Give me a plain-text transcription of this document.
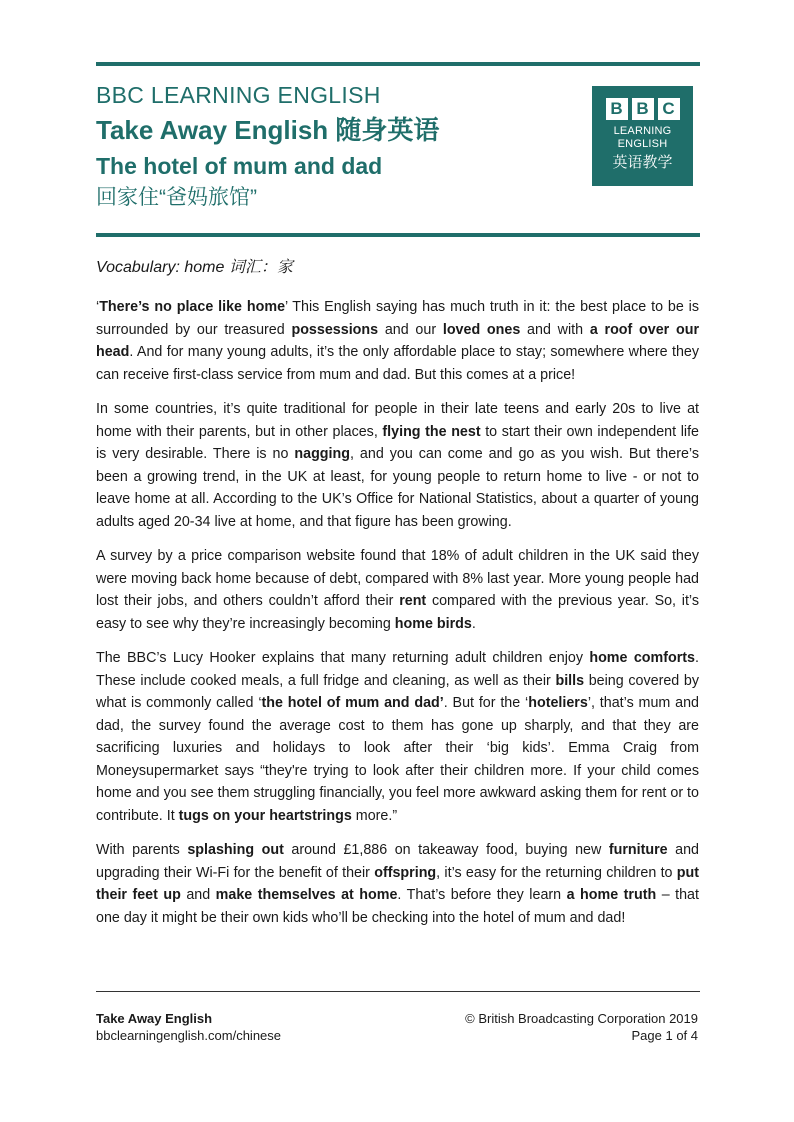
BBC LEARNING ENGLISH
Take Away English 随身英语
The hotel of mum and dad
回家住“爸妈旅馆”
B B C
LEARNING
ENGLISH
英语教学
Vocabulary: home 词汇：家

‘There’s no place like home’ This English saying has much truth in it: the best place to be is surrounded by our treasured possessions and our loved ones and with a roof over our head. And for many young adults, it’s the only affordable place to stay; somewhere where they can receive first-class service from mum and dad. But this comes at a price!

In some countries, it’s quite traditional for people in their late teens and early 20s to live at home with their parents, but in other places, flying the nest to start their own independent life is very desirable. There is no nagging, and you can come and go as you wish. But there’s been a growing trend, in the UK at least, for young people to return home to live - or not to leave home at all. According to the UK’s Office for National Statistics, about a quarter of young adults aged 20-34 live at home, and that figure has been growing.

A survey by a price comparison website found that 18% of adult children in the UK said they were moving back home because of debt, compared with 8% last year. More young people had lost their jobs, and others couldn’t afford their rent compared with the previous year. So, it’s easy to see why they’re increasingly becoming home birds.

The BBC’s Lucy Hooker explains that many returning adult children enjoy home comforts. These include cooked meals, a full fridge and cleaning, as well as their bills being covered by what is commonly called ‘the hotel of mum and dad’. But for the ‘hoteliers’, that’s mum and dad, the survey found the average cost to them has gone up sharply, and that they are sacrificing luxuries and holidays to look after their ‘big kids’. Emma Craig from Moneysupermarket says “they're trying to look after their children more. If your child comes home and you see them struggling financially, you feel more awkward asking them for rent or to contribute. It tugs on your heartstrings more.”

With parents splashing out around £1,886 on takeaway food, buying new furniture and upgrading their Wi-Fi for the benefit of their offspring, it’s easy for the returning children to put their feet up and make themselves at home. That’s before they learn a home truth – that one day it might be their own kids who’ll be checking into the hotel of mum and dad!

Take Away English
bbclearningenglish.com/chinese
© British Broadcasting Corporation 2019
Page 1 of 4
